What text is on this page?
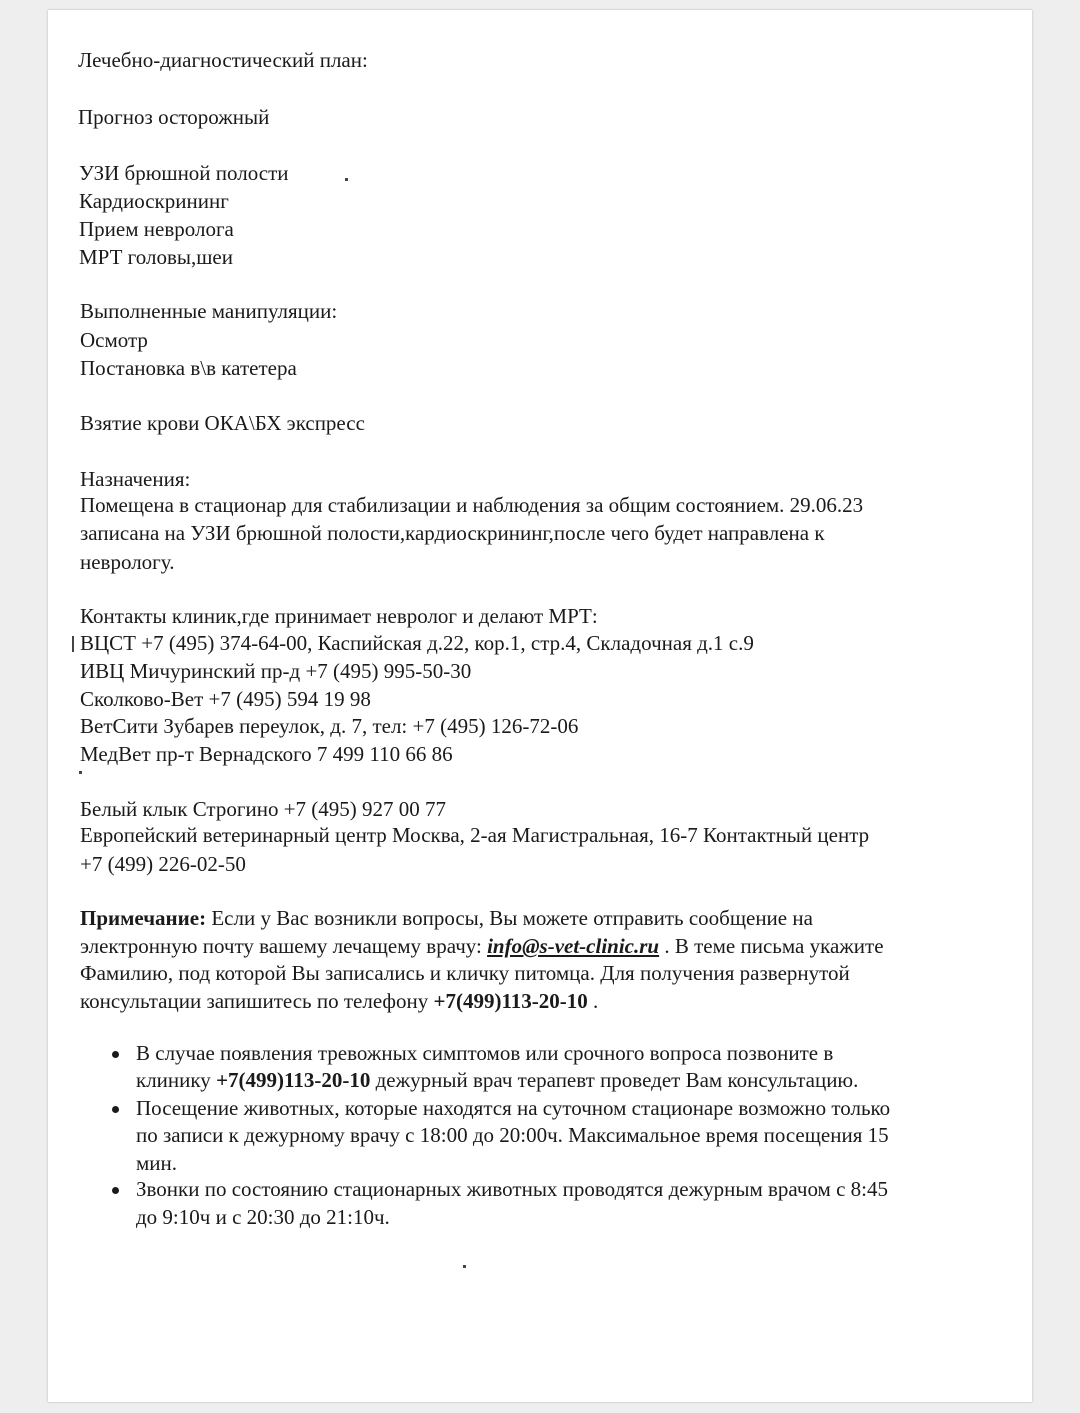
Лечебно-диагностический план:
Прогноз осторожный
УЗИ брюшной полости
Кардиоскрининг
Прием невролога
МРТ головы,шеи
Выполненные манипуляции:
Осмотр
Постановка в\в катетера
Взятие крови ОКА\БХ экспресс
Назначения:
Помещена в стационар для стабилизации и наблюдения за общим состоянием. 29.06.23
записана на УЗИ брюшной полости,кардиоскрининг,после чего будет направлена к
неврологу.
Контакты клиник,где принимает невролог и делают МРТ:
ВЦСТ +7 (495) 374-64-00, Каспийская д.22, кор.1, стр.4, Складочная д.1 с.9
ИВЦ Мичуринский пр-д +7 (495) 995-50-30
Сколково-Вет +7 (495) 594 19 98
ВетСити Зубарев переулок, д. 7, тел: +7 (495) 126-72-06
МедВет пр-т Вернадского 7 499 110 66 86
Белый клык Строгино +7 (495) 927 00 77
Европейский ветеринарный центр Москва, 2-ая Магистральная, 16-7 Контактный центр
+7 (499) 226-02-50
Примечание: Если у Вас возникли вопросы, Вы можете отправить сообщение на
электронную почту вашему лечащему врачу: info@s-vet-clinic.ru . В теме письма укажите
Фамилию, под которой Вы записались и кличку питомца. Для получения развернутой
консультации запишитесь по телефону +7(499)113-20-10 .
В случае появления тревожных симптомов или срочного вопроса позвоните в
клинику +7(499)113-20-10 дежурный врач терапевт проведет Вам консультацию.
Посещение животных, которые находятся на суточном стационаре возможно только
по записи к дежурному врачу с 18:00 до 20:00ч. Максимальное время посещения 15
мин.
Звонки по состоянию стационарных животных проводятся дежурным врачом с 8:45
до 9:10ч и с 20:30 до 21:10ч.
